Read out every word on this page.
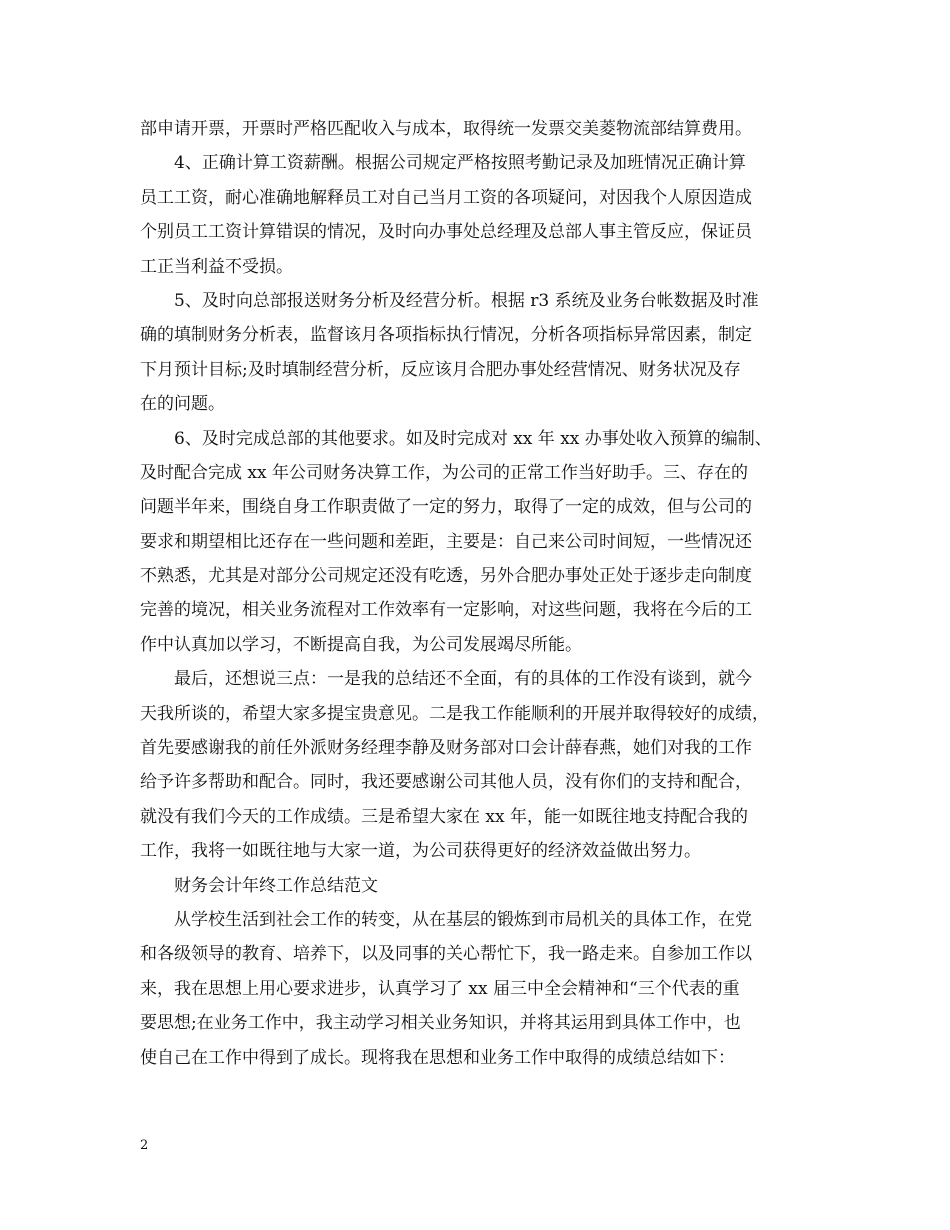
部申请开票，开票时严格匹配收入与成本，取得统一发票交美菱物流部结算费用。
4、正确计算工资薪酬。根据公司规定严格按照考勤记录及加班情况正确计算
员工工资，耐心准确地解释员工对自己当月工资的各项疑问，对因我个人原因造成
个别员工工资计算错误的情况，及时向办事处总经理及总部人事主管反应，保证员
工正当利益不受损。
5、及时向总部报送财务分析及经营分析。根据 r3 系统及业务台帐数据及时准
确的填制财务分析表，监督该月各项指标执行情况，分析各项指标异常因素，制定
下月预计目标;及时填制经营分析，反应该月合肥办事处经营情况、财务状况及存
在的问题。
6、及时完成总部的其他要求。如及时完成对 xx 年 xx 办事处收入预算的编制、
及时配合完成 xx 年公司财务决算工作，为公司的正常工作当好助手。三、存在的
问题半年来，围绕自身工作职责做了一定的努力，取得了一定的成效，但与公司的
要求和期望相比还存在一些问题和差距，主要是：自己来公司时间短，一些情况还
不熟悉，尤其是对部分公司规定还没有吃透，另外合肥办事处正处于逐步走向制度
完善的境况，相关业务流程对工作效率有一定影响，对这些问题，我将在今后的工
作中认真加以学习，不断提高自我，为公司发展竭尽所能。
最后，还想说三点：一是我的总结还不全面，有的具体的工作没有谈到，就今
天我所谈的，希望大家多提宝贵意见。二是我工作能顺利的开展并取得较好的成绩，
首先要感谢我的前任外派财务经理李静及财务部对口会计薛春燕，她们对我的工作
给予许多帮助和配合。同时，我还要感谢公司其他人员，没有你们的支持和配合，
就没有我们今天的工作成绩。三是希望大家在 xx 年，能一如既往地支持配合我的
工作，我将一如既往地与大家一道，为公司获得更好的经济效益做出努力。
财务会计年终工作总结范文
从学校生活到社会工作的转变，从在基层的锻炼到市局机关的具体工作，在党
和各级领导的教育、培养下，以及同事的关心帮忙下，我一路走来。自参加工作以
来，我在思想上用心要求进步，认真学习了 xx 届三中全会精神和“三个代表的重
要思想;在业务工作中，我主动学习相关业务知识，并将其运用到具体工作中，也
使自己在工作中得到了成长。现将我在思想和业务工作中取得的成绩总结如下：
2
